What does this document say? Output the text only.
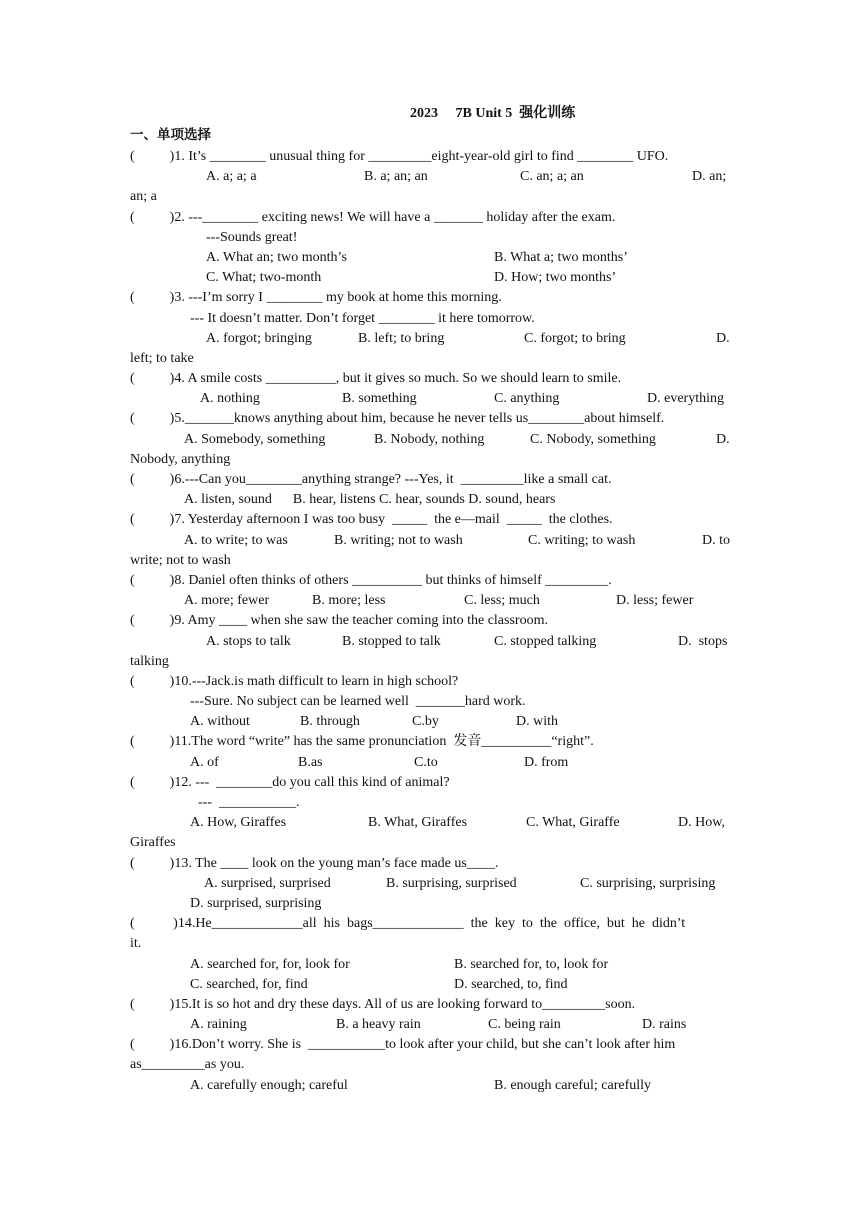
2023     7B Unit 5  强化训练
一、单项选择
(          )1. It’s ________ unusual thing for _________eight-year-old girl to find ________ UFO.
A. a; a; a	B. a; an; an	C. an; a; an	D. an;
an; a
(          )2. ---________ exciting news! We will have a _______ holiday after the exam.
---Sounds great!
A. What an; two month’s	B. What a; two months’
C. What; two-month	D. How; two months’
(          )3. ---I’m sorry I ________ my book at home this morning.
--- It doesn’t matter. Don’t forget ________ it here tomorrow.
A. forgot; bringing	B. left; to bring	C. forgot; to bring	D.
left; to take
(          )4. A smile costs __________, but it gives so much. So we should learn to smile.
A. nothing	B. something	C. anything	D. everything
(          )5._______knows anything about him, because he never tells us________about himself.
A. Somebody, something	B. Nobody, nothing	C. Nobody, something	D.
Nobody, anything
(          )6.---Can you________anything strange? ---Yes, it  _________like a small cat.
A. listen, sound      B. hear, listens C. hear, sounds D. sound, hears
(          )7. Yesterday afternoon I was too busy  _____  the e—mail  _____  the clothes.
A. to write; to was	B. writing; not to wash	C. writing; to wash	D. to
write; not to wash
(          )8. Daniel often thinks of others __________ but thinks of himself _________.
A. more; fewer	B. more; less	C. less; much	D. less; fewer
(          )9. Amy ____ when she saw the teacher coming into the classroom.
A. stops to talk	B. stopped to talk	C. stopped talking	D.  stops
talking
(          )10.---Jack.is math difficult to learn in high school?
---Sure. No subject can be learned well  _______hard work.
A. without	B. through	C.by	D. with
(          )11.The word “write” has the same pronunciation  发音__________“right”.
A. of	B.as	C.to	D. from
(          )12. ---  ________do you call this kind of animal?
---  ___________.
A. How, Giraffes	B. What, Giraffes	C. What, Giraffe	D. How,
Giraffes
(          )13. The ____ look on the young man’s face made us____.
A. surprised, surprised	B. surprising, surprised	C. surprising, surprising
D. surprised, surprising
(           )14.He_____________all  his  bags_____________  the  key  to  the  office,  but  he  didn’t
it.
A. searched for, for, look for	B. searched for, to, look for
C. searched, for, find	D. searched, to, find
(          )15.It is so hot and dry these days. All of us are looking forward to_________soon.
A. raining	B. a heavy rain	C. being rain	D. rains
(          )16.Don’t worry. She is  ___________to look after your child, but she can’t look after him
as_________as you.
A. carefully enough; careful	B. enough careful; carefully
